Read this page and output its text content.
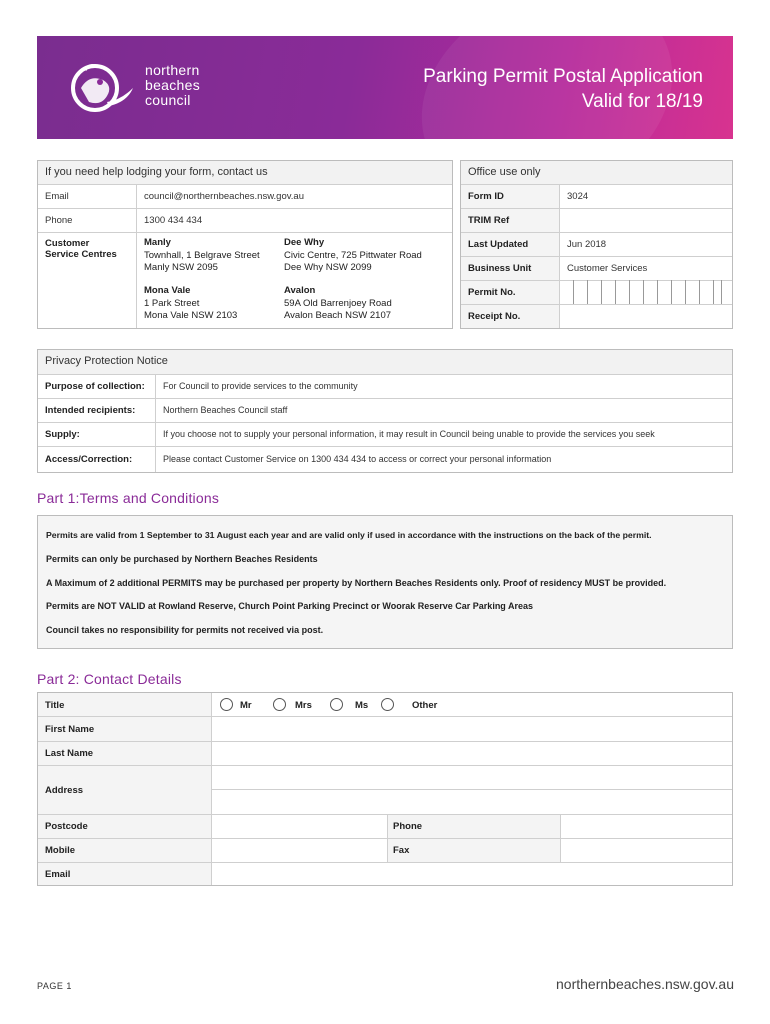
northern
beaches
council
Parking Permit Postal Application
Valid for 18/19
If you need help lodging your form, contact us
Email	council@northernbeaches.nsw.gov.au
Phone	1300 434 434
Customer
Service Centres
Manly
Townhall, 1 Belgrave Street
Manly NSW 2095
Dee Why
Civic Centre, 725 Pittwater Road
Dee Why NSW 2099
Mona Vale
1 Park Street
Mona Vale NSW 2103
Avalon
59A Old Barrenjoey Road
Avalon Beach NSW 2107
Office use only
Form ID	3024
TRIM Ref
Last Updated	Jun 2018
Business Unit	Customer Services
Permit No.
Receipt No.
Privacy Protection Notice
Purpose of collection: For Council to provide services to the community
Intended recipients:	Northern Beaches Council staff
Supply:	If you choose not to supply your personal information, it may result in Council being unable to provide the services you seek
Access/Correction:	Please contact Customer Service on 1300 434 434 to access or correct your personal information
Part 1:Terms and Conditions

Permits are valid from 1 September to 31 August each year and are valid only if used in accordance with the instructions on the back of the permit.

Permits can only be purchased by Northern Beaches Residents

A Maximum of 2 additional PERMITS may be purchased per property by Northern Beaches Residents only. Proof of residency MUST be provided.

Permits are NOT VALID at Rowland Reserve, Church Point Parking Precinct or Woorak Reserve Car Parking Areas

Council takes no responsibility for permits not received via post.

Part 2: Contact Details
Title	Mr	Mrs	Ms	Other
First Name
Last Name
Address
Postcode	Phone
Mobile	Fax
Email
PAGE 1	northernbeaches.nsw.gov.au
